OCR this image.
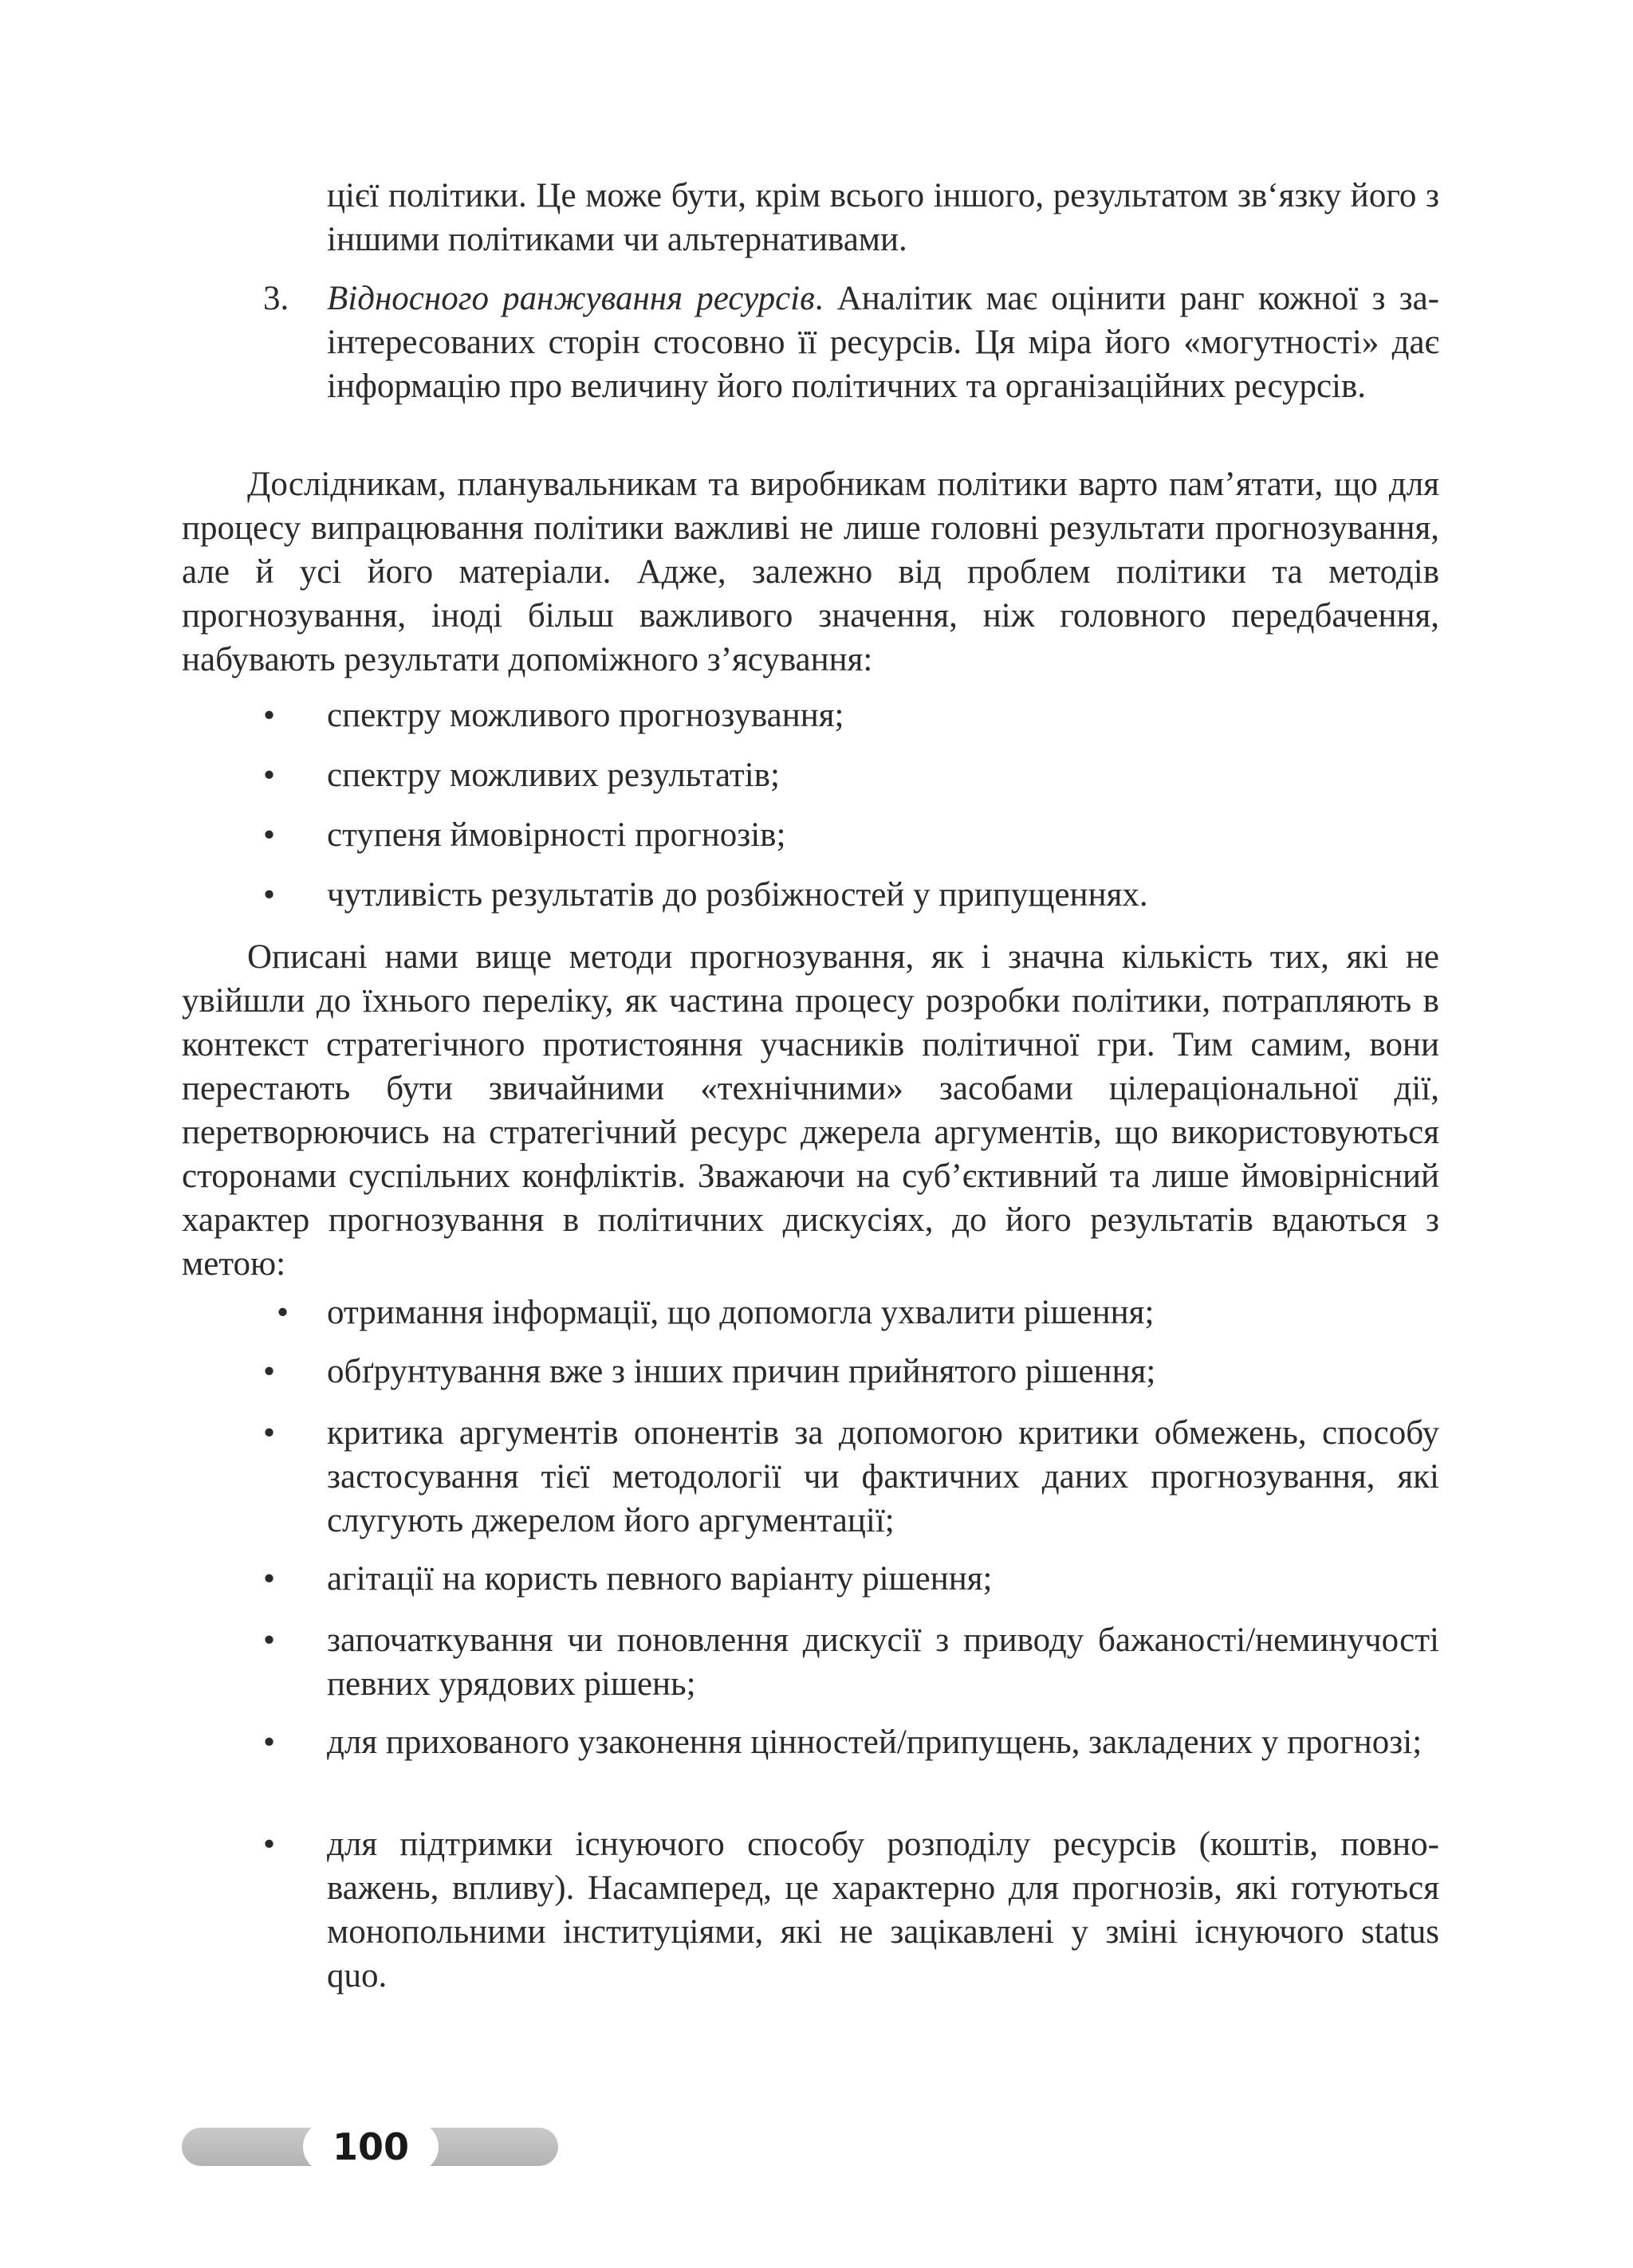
цієї політики. Це може бути, крім всього іншого, результатом зв‘язку його з іншими політиками чи альтернативами.
3. Відносного ранжування ресурсів. Аналітик має оцінити ранг кожної з заінтересованих сторін стосовно її ресурсів. Ця міра його «могутності» дає інформацію про величину його політичних та організаційних ресурсів.
Дослідникам, планувальникам та виробникам політики варто пам’ятати, що для процесу випрацювання політики важливі не лише головні результати прогнозування, але й усі його матеріали. Адже, залежно від проблем політики та методів прогнозування, іноді більш важливого значення, ніж головного передбачення, набувають результати допоміжного з’ясування:
• спектру можливого прогнозування;
• спектру можливих результатів;
• ступеня ймовірності прогнозів;
• чутливість результатів до розбіжностей у припущеннях.
Описані нами вище методи прогнозування, як і значна кількість тих, які не увійшли до їхнього переліку, як частина процесу розробки політики, потрапляють в контекст стратегічного протистояння учасників політичної гри. Тим самим, вони перестають бути звичайними «технічними» засобами цілераціональної дії, перетворюючись на стратегічний ресурс джерела аргументів, що використовуються сторонами суспільних конфліктів. Зважаючи на суб’єктивний та лише ймовірнісний характер прогнозування в політичних дискусіях, до його результатів вдаються з метою:
• отримання інформації, що допомогла ухвалити рішення;
• обґрунтування вже з інших причин прийнятого рішення;
• критика аргументів опонентів за допомогою критики обмежень, способу застосування тієї методології чи фактичних даних прогнозування, які слугують джерелом його аргументації;
• агітації на користь певного варіанту рішення;
• започаткування чи поновлення дискусії з приводу бажаності/неминучості певних урядових рішень;
• для прихованого узаконення цінностей/припущень, закладених у прогнозі;
• для підтримки існуючого способу розподілу ресурсів (коштів, повноважень, впливу). Насамперед, це характерно для прогнозів, які готуються монопольними інституціями, які не зацікавлені у зміні існуючого status quo.
100
